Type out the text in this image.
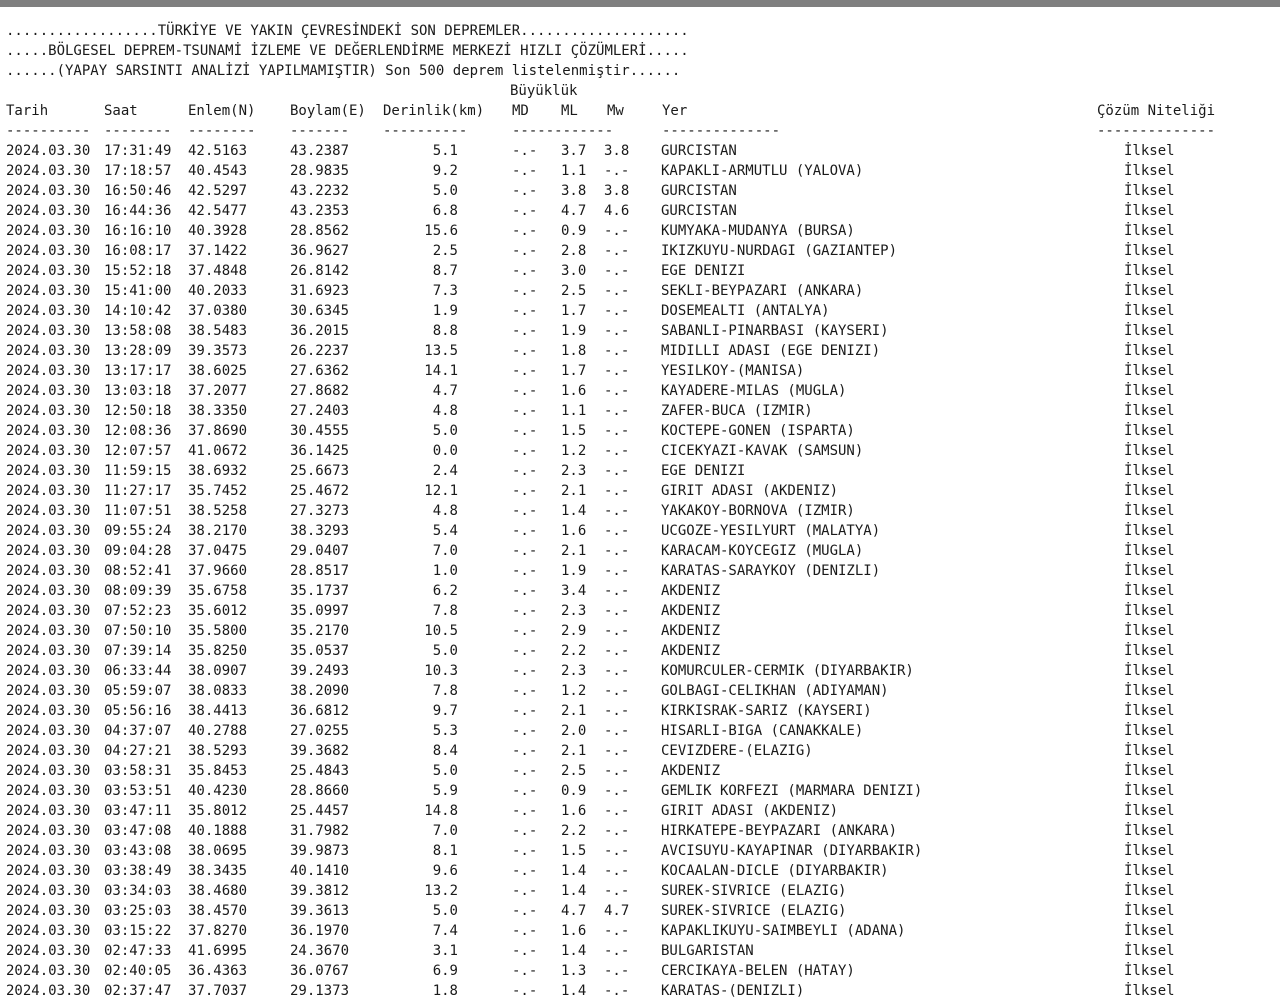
..................TÜRKİYE VE YAKIN ÇEVRESİNDEKİ SON DEPREMLER....................
.....BÖLGESEL DEPREM-TSUNAMİ İZLEME VE DEĞERLENDİRME MERKEZİ HIZLI ÇÖZÜMLERİ.....
......(YAPAY SARSINTI ANALİZİ YAPILMAMIŞTIR) Son 500 deprem listelenmiştir......
Büyüklük
Tarih	Saat	Enlem(N) Boylam(E) Derinlik(km) MD ML Mw	Yer	Çözüm Niteliği
---------- -------- -------- ------- ----------	------------	--------------	--------------
2024.03.30 17:31:49 42.5163	43.2387	5.1	-.- 3.7 3.8 GURCISTAN	İlksel
2024.03.30 17:18:57 40.4543	28.9835	9.2	-.- 1.1 -.- KAPAKLI-ARMUTLU (YALOVA)	İlksel
2024.03.30 16:50:46 42.5297	43.2232	5.0	-.- 3.8 3.8 GURCISTAN	İlksel
2024.03.30 16:44:36 42.5477	43.2353	6.8	-.- 4.7 4.6 GURCISTAN	İlksel
2024.03.30 16:16:10 40.3928	28.8562	15.6	-.- 0.9 -.- KUMYAKA-MUDANYA (BURSA)	İlksel
2024.03.30 16:08:17 37.1422	36.9627	2.5	-.- 2.8 -.- IKIZKUYU-NURDAGI (GAZIANTEP)	İlksel
2024.03.30 15:52:18 37.4848	26.8142	8.7	-.- 3.0 -.- EGE DENIZI	İlksel
2024.03.30 15:41:00 40.2033	31.6923	7.3	-.- 2.5 -.- SEKLI-BEYPAZARI (ANKARA)	İlksel
2024.03.30 14:10:42 37.0380	30.6345	1.9	-.- 1.7 -.- DOSEMEALTI (ANTALYA)	İlksel
2024.03.30 13:58:08 38.5483	36.2015	8.8	-.- 1.9 -.- SABANLI-PINARBASI (KAYSERI)	İlksel
2024.03.30 13:28:09 39.3573	26.2237	13.5	-.- 1.8 -.- MIDILLI ADASI (EGE DENIZI)	İlksel
2024.03.30 13:17:17 38.6025	27.6362	14.1	-.- 1.7 -.- YESILKOY-(MANISA)	İlksel
2024.03.30 13:03:18 37.2077	27.8682	4.7	-.- 1.6 -.- KAYADERE-MILAS (MUGLA)	İlksel
2024.03.30 12:50:18 38.3350	27.2403	4.8	-.- 1.1 -.- ZAFER-BUCA (IZMIR)	İlksel
2024.03.30 12:08:36 37.8690	30.4555	5.0	-.- 1.5 -.- KOCTEPE-GONEN (ISPARTA)	İlksel
2024.03.30 12:07:57 41.0672	36.1425	0.0	-.- 1.2 -.- CICEKYAZI-KAVAK (SAMSUN)	İlksel
2024.03.30 11:59:15 38.6932	25.6673	2.4	-.- 2.3 -.- EGE DENIZI	İlksel
2024.03.30 11:27:17 35.7452	25.4672	12.1	-.- 2.1 -.- GIRIT ADASI (AKDENIZ)	İlksel
2024.03.30 11:07:51 38.5258	27.3273	4.8	-.- 1.4 -.- YAKAKOY-BORNOVA (IZMIR)	İlksel
2024.03.30 09:55:24 38.2170	38.3293	5.4	-.- 1.6 -.- UCGOZE-YESILYURT (MALATYA)	İlksel
2024.03.30 09:04:28 37.0475	29.0407	7.0	-.- 2.1 -.- KARACAM-KOYCEGIZ (MUGLA)	İlksel
2024.03.30 08:52:41 37.9660	28.8517	1.0	-.- 1.9 -.- KARATAS-SARAYKOY (DENIZLI)	İlksel
2024.03.30 08:09:39 35.6758	35.1737	6.2	-.- 3.4 -.- AKDENIZ	İlksel
2024.03.30 07:52:23 35.6012	35.0997	7.8	-.- 2.3 -.- AKDENIZ	İlksel
2024.03.30 07:50:10 35.5800	35.2170	10.5	-.- 2.9 -.- AKDENIZ	İlksel
2024.03.30 07:39:14 35.8250	35.0537	5.0	-.- 2.2 -.- AKDENIZ	İlksel
2024.03.30 06:33:44 38.0907	39.2493	10.3	-.- 2.3 -.- KOMURCULER-CERMIK (DIYARBAKIR)	İlksel
2024.03.30 05:59:07 38.0833	38.2090	7.8	-.- 1.2 -.- GOLBAGI-CELIKHAN (ADIYAMAN)	İlksel
2024.03.30 05:56:16 38.4413	36.6812	9.7	-.- 2.1 -.- KIRKISRAK-SARIZ (KAYSERI)	İlksel
2024.03.30 04:37:07 40.2788	27.0255	5.3	-.- 2.0 -.- HISARLI-BIGA (CANAKKALE)	İlksel
2024.03.30 04:27:21 38.5293	39.3682	8.4	-.- 2.1 -.- CEVIZDERE-(ELAZIG)	İlksel
2024.03.30 03:58:31 35.8453	25.4843	5.0	-.- 2.5 -.- AKDENIZ	İlksel
2024.03.30 03:53:51 40.4230	28.8660	5.9	-.- 0.9 -.- GEMLIK KORFEZI (MARMARA DENIZI)	İlksel
2024.03.30 03:47:11 35.8012	25.4457	14.8	-.- 1.6 -.- GIRIT ADASI (AKDENIZ)	İlksel
2024.03.30 03:47:08 40.1888	31.7982	7.0	-.- 2.2 -.- HIRKATEPE-BEYPAZARI (ANKARA)	İlksel
2024.03.30 03:43:08 38.0695	39.9873	8.1	-.- 1.5 -.- AVCISUYU-KAYAPINAR (DIYARBAKIR)	İlksel
2024.03.30 03:38:49 38.3435	40.1410	9.6	-.- 1.4 -.- KOCAALAN-DICLE (DIYARBAKIR)	İlksel
2024.03.30 03:34:03 38.4680	39.3812	13.2	-.- 1.4 -.- SUREK-SIVRICE (ELAZIG)	İlksel
2024.03.30 03:25:03 38.4570	39.3613	5.0	-.- 4.7 4.7 SUREK-SIVRICE (ELAZIG)	İlksel
2024.03.30 03:15:22 37.8270	36.1970	7.4	-.- 1.6 -.- KAPAKLIKUYU-SAIMBEYLI (ADANA)	İlksel
2024.03.30 02:47:33 41.6995	24.3670	3.1	-.- 1.4 -.- BULGARISTAN	İlksel
2024.03.30 02:40:05 36.4363	36.0767	6.9	-.- 1.3 -.- CERCIKAYA-BELEN (HATAY)	İlksel
2024.03.30 02:37:47 37.7037	29.1373	1.8	-.- 1.4 -.- KARATAS-(DENIZLI)	İlksel
